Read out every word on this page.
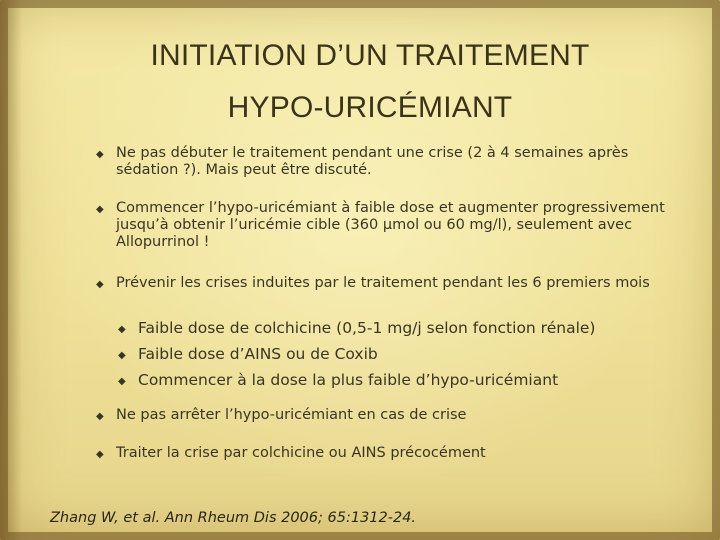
INITIATION D’UN TRAITEMENT
HYPO-URICÉMIANT
◆ Ne pas débuter le traitement pendant une crise (2 à 4 semaines après sédation ?). Mais peut être discuté.
◆ Commencer l’hypo-uricémiant à faible dose et augmenter progressivement jusqu’à obtenir l’uricémie cible (360 µmol ou 60 mg/l), seulement avec Allopurrinol !
◆ Prévenir les crises induites par le traitement pendant les 6 premiers mois
◆ Faible dose de colchicine (0,5-1 mg/j selon fonction rénale)
◆ Faible dose d’AINS ou de Coxib
◆ Commencer à la dose la plus faible d’hypo-uricémiant
◆ Ne pas arrêter l’hypo-uricémiant en cas de crise
◆ Traiter la crise par colchicine ou AINS précocément
Zhang W, et al. Ann Rheum Dis 2006; 65:1312-24.
